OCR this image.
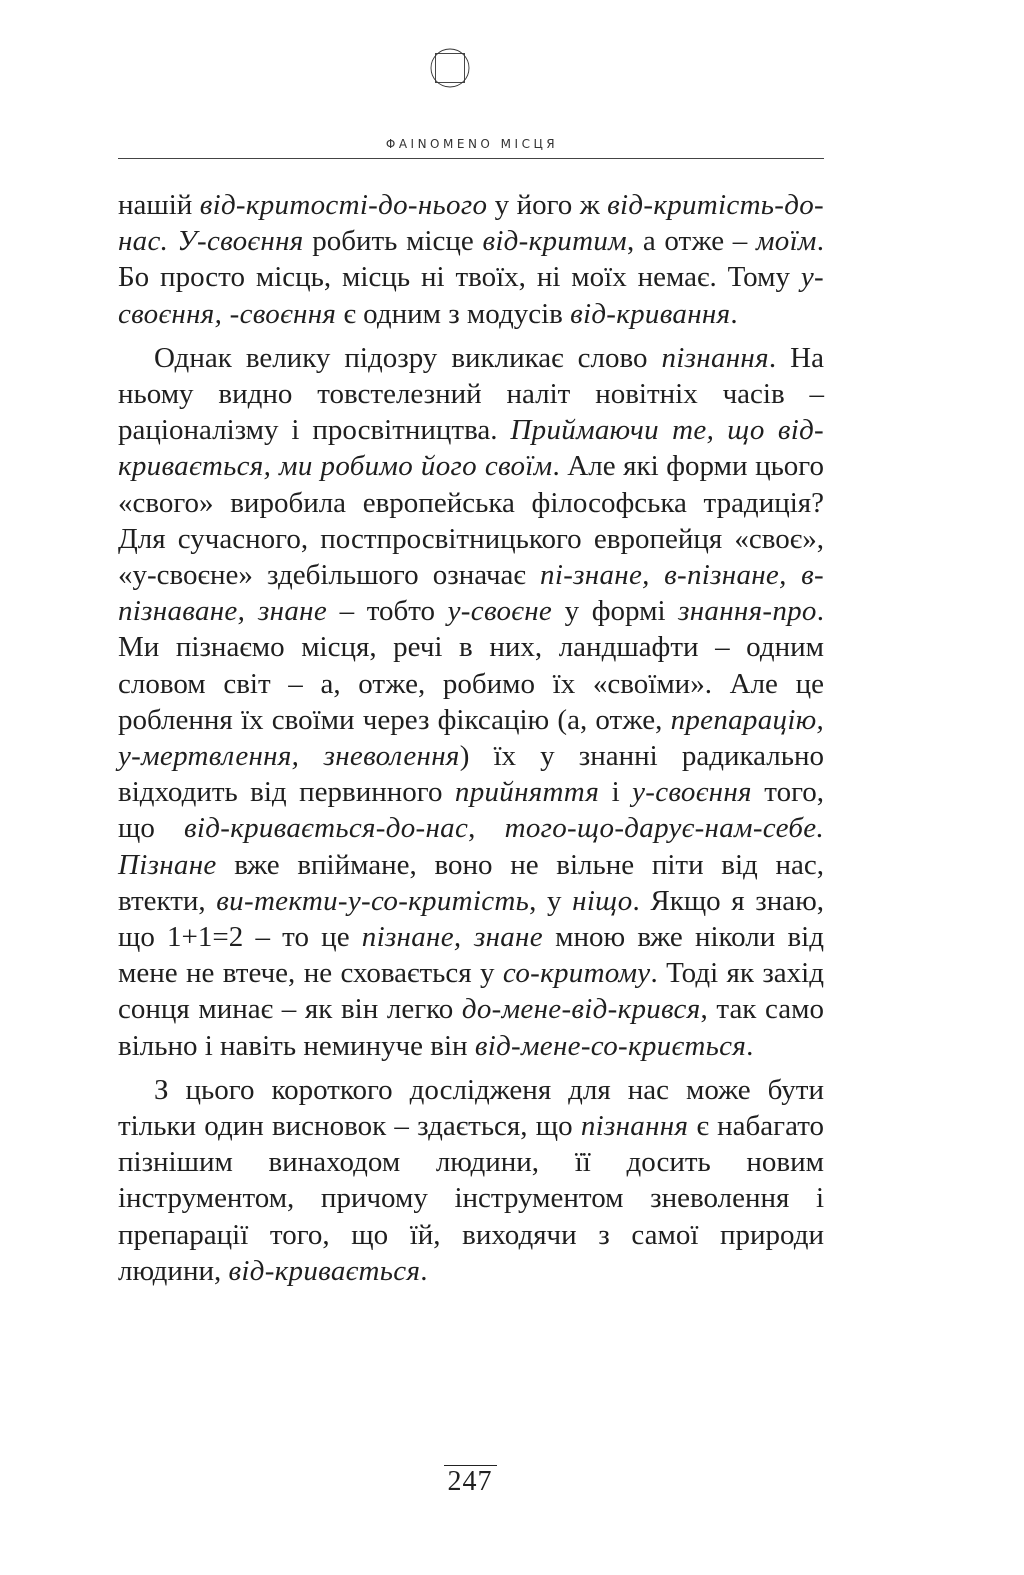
ΦAINOMENO МІСЦЯ

нашій від-критості-до-нього у його ж від-критість-до-нас. У-своєння робить місце від-критим, а отже – моїм. Бо просто місць, місць ні твоїх, ні моїх немає. Тому у-своєння, -своєння є одним з модусів від-кривання.

Однак велику підозру викликає слово пізнання. На ньому видно товстелезний наліт новітніх часів – раціоналізму і просвітництва. Приймаючи те, що від-кривається, ми робимо його своїм. Але які форми цього «свого» виробила европейська філософська традиція? Для сучасного, постпросвітницького европейця «своє», «у-своєне» здебільшого означає пі-знане, в-пізнане, в-пізнаване, знане – тобто у-своєне у формі знання-про. Ми пізнаємо місця, речі в них, ландшафти – одним словом світ – а, отже, робимо їх «своїми». Але це роблення їх своїми через фіксацію (а, отже, препарацію, у-мертвлення, зневолення) їх у знанні радикально відходить від первинного прийняття і у-своєння того, що від-кривається-до-нас, того-що-дарує-нам-себе. Пізнане вже впіймане, воно не вільне піти від нас, втекти, ви-текти-у-со-критість, у ніщо. Якщо я знаю, що 1+1=2 – то це пізнане, знане мною вже ніколи від мене не втече, не сховається у со-критому. Тоді як захід сонця минає – як він легко до-мене-від-крився, так само вільно і навіть неминуче він від-мене-со-криється.

З цього короткого дослідженя для нас може бути тільки один висновок – здається, що пізнання є набагато пізнішим винаходом людини, її досить новим інструментом, причому інструментом зневолення і препарації того, що їй, виходячи з самої природи людини, від-кривається.

247
